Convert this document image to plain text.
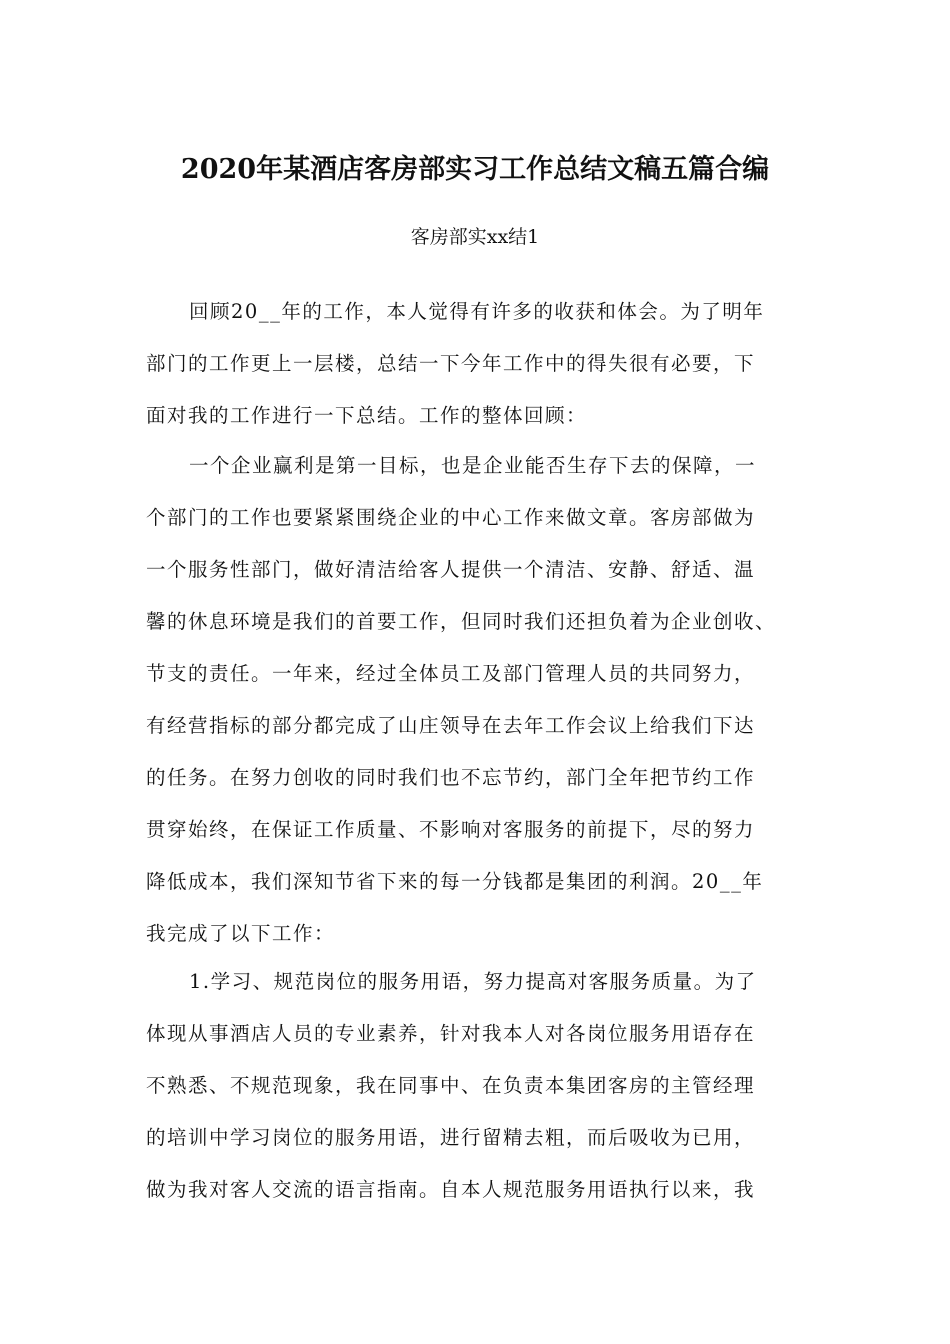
2020年某酒店客房部实习工作总结文稿五篇合编
客房部实xx结1
回顾20__年的工作，本人觉得有许多的收获和体会。为了明年
部门的工作更上一层楼，总结一下今年工作中的得失很有必要，下
面对我的工作进行一下总结。工作的整体回顾：
一个企业赢利是第一目标，也是企业能否生存下去的保障，一
个部门的工作也要紧紧围绕企业的中心工作来做文章。客房部做为
一个服务性部门，做好清洁给客人提供一个清洁、安静、舒适、温
馨的休息环境是我们的首要工作，但同时我们还担负着为企业创收、
节支的责任。一年来，经过全体员工及部门管理人员的共同努力，
有经营指标的部分都完成了山庄领导在去年工作会议上给我们下达
的任务。在努力创收的同时我们也不忘节约，部门全年把节约工作
贯穿始终，在保证工作质量、不影响对客服务的前提下，尽的努力
降低成本，我们深知节省下来的每一分钱都是集团的利润。20__年
我完成了以下工作：
1.学习、规范岗位的服务用语，努力提高对客服务质量。为了
体现从事酒店人员的专业素养，针对我本人对各岗位服务用语存在
不熟悉、不规范现象，我在同事中、在负责本集团客房的主管经理
的培训中学习岗位的服务用语，进行留精去粗，而后吸收为已用，
做为我对客人交流的语言指南。自本人规范服务用语执行以来，我
